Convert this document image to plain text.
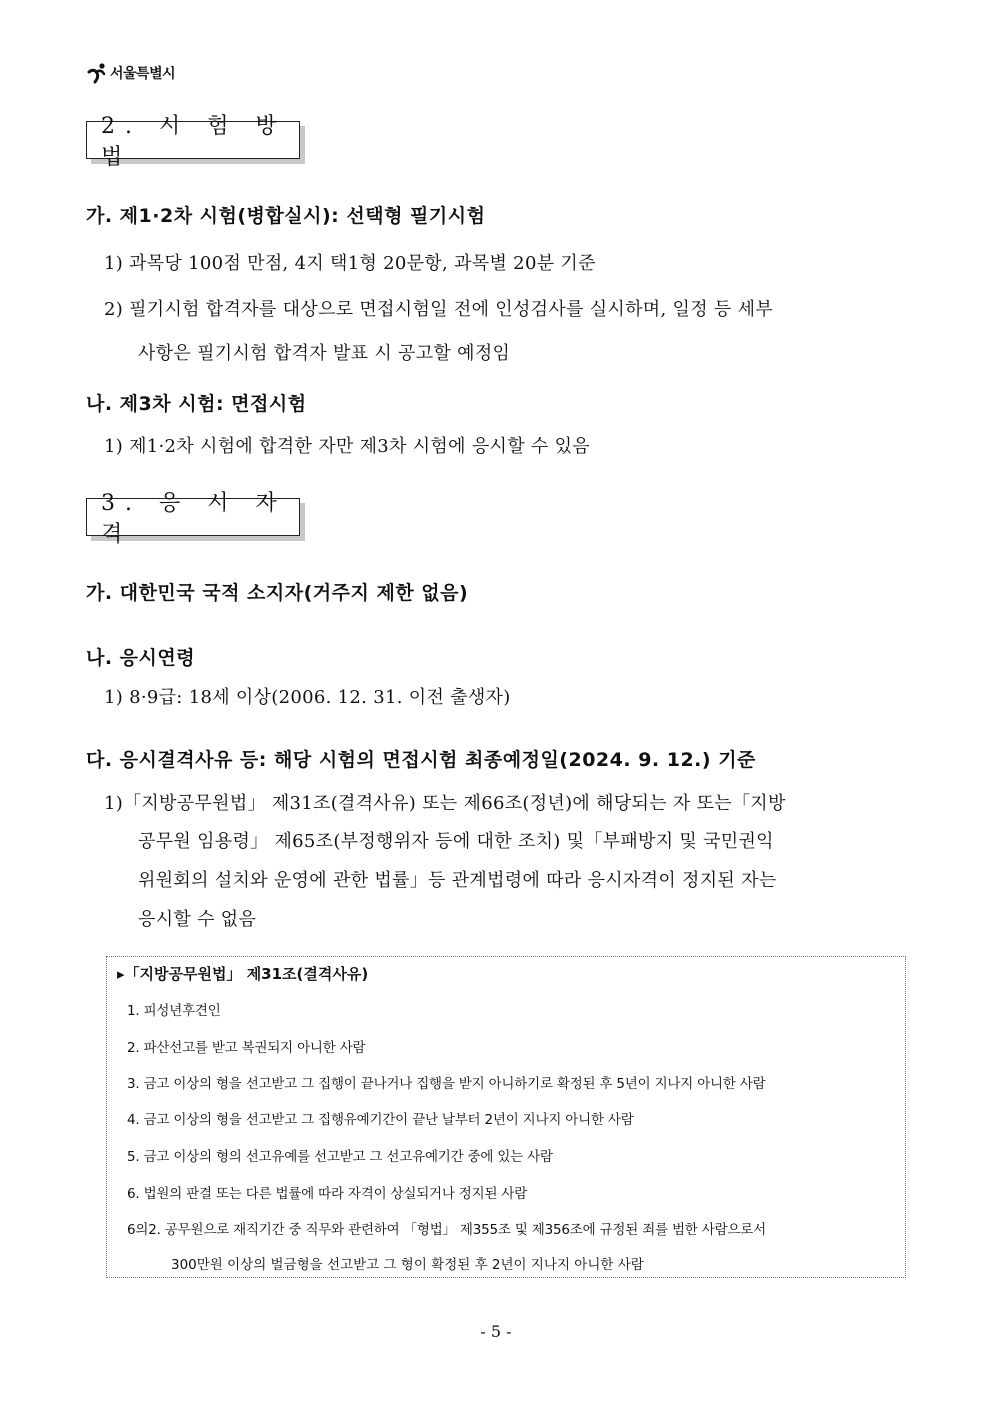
서울특별시
2. 시 험 방 법
가. 제1·2차 시험(병합실시): 선택형 필기시험
1) 과목당 100점 만점, 4지 택1형 20문항, 과목별 20분 기준
2) 필기시험 합격자를 대상으로 면접시험일 전에 인성검사를 실시하며, 일정 등 세부
사항은 필기시험 합격자 발표 시 공고할 예정임
나. 제3차 시험: 면접시험
1) 제1·2차 시험에 합격한 자만 제3차 시험에 응시할 수 있음
3. 응 시 자 격
가. 대한민국 국적 소지자(거주지 제한 없음)
나. 응시연령
1) 8·9급: 18세 이상(2006. 12. 31. 이전 출생자)
다. 응시결격사유 등: 해당 시험의 면접시험 최종예정일(2024. 9. 12.) 기준
1)「지방공무원법」 제31조(결격사유) 또는 제66조(정년)에 해당되는 자 또는「지방
공무원 임용령」 제65조(부정행위자 등에 대한 조치) 및「부패방지 및 국민권익
위원회의 설치와 운영에 관한 법률」등 관계법령에 따라 응시자격이 정지된 자는
응시할 수 없음
▸「지방공무원법」 제31조(결격사유)
1. 피성년후견인
2. 파산선고를 받고 복권되지 아니한 사람
3. 금고 이상의 형을 선고받고 그 집행이 끝나거나 집행을 받지 아니하기로 확정된 후 5년이 지나지 아니한 사람
4. 금고 이상의 형을 선고받고 그 집행유예기간이 끝난 날부터 2년이 지나지 아니한 사람
5. 금고 이상의 형의 선고유예를 선고받고 그 선고유예기간 중에 있는 사람
6. 법원의 판결 또는 다른 법률에 따라 자격이 상실되거나 정지된 사람
6의2. 공무원으로 재직기간 중 직무와 관련하여 「형법」 제355조 및 제356조에 규정된 죄를 범한 사람으로서
300만원 이상의 벌금형을 선고받고 그 형이 확정된 후 2년이 지나지 아니한 사람
- 5 -
